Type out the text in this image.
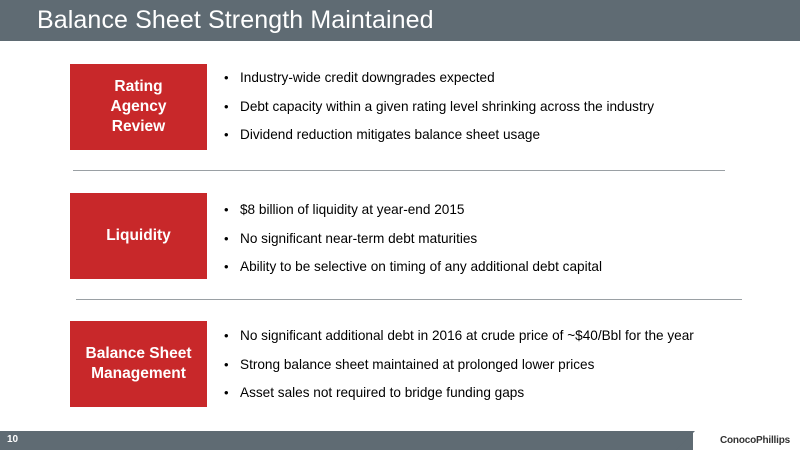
Balance Sheet Strength Maintained
Rating
Agency
Review
• Industry-wide credit downgrades expected
• Debt capacity within a given rating level shrinking across the industry
• Dividend reduction mitigates balance sheet usage
Liquidity
• $8 billion of liquidity at year-end 2015
• No significant near-term debt maturities
• Ability to be selective on timing of any additional debt capital
Balance Sheet
Management
• No significant additional debt in 2016 at crude price of ~$40/Bbl for the year
• Strong balance sheet maintained at prolonged lower prices
• Asset sales not required to bridge funding gaps
10	ConocoPhillips
